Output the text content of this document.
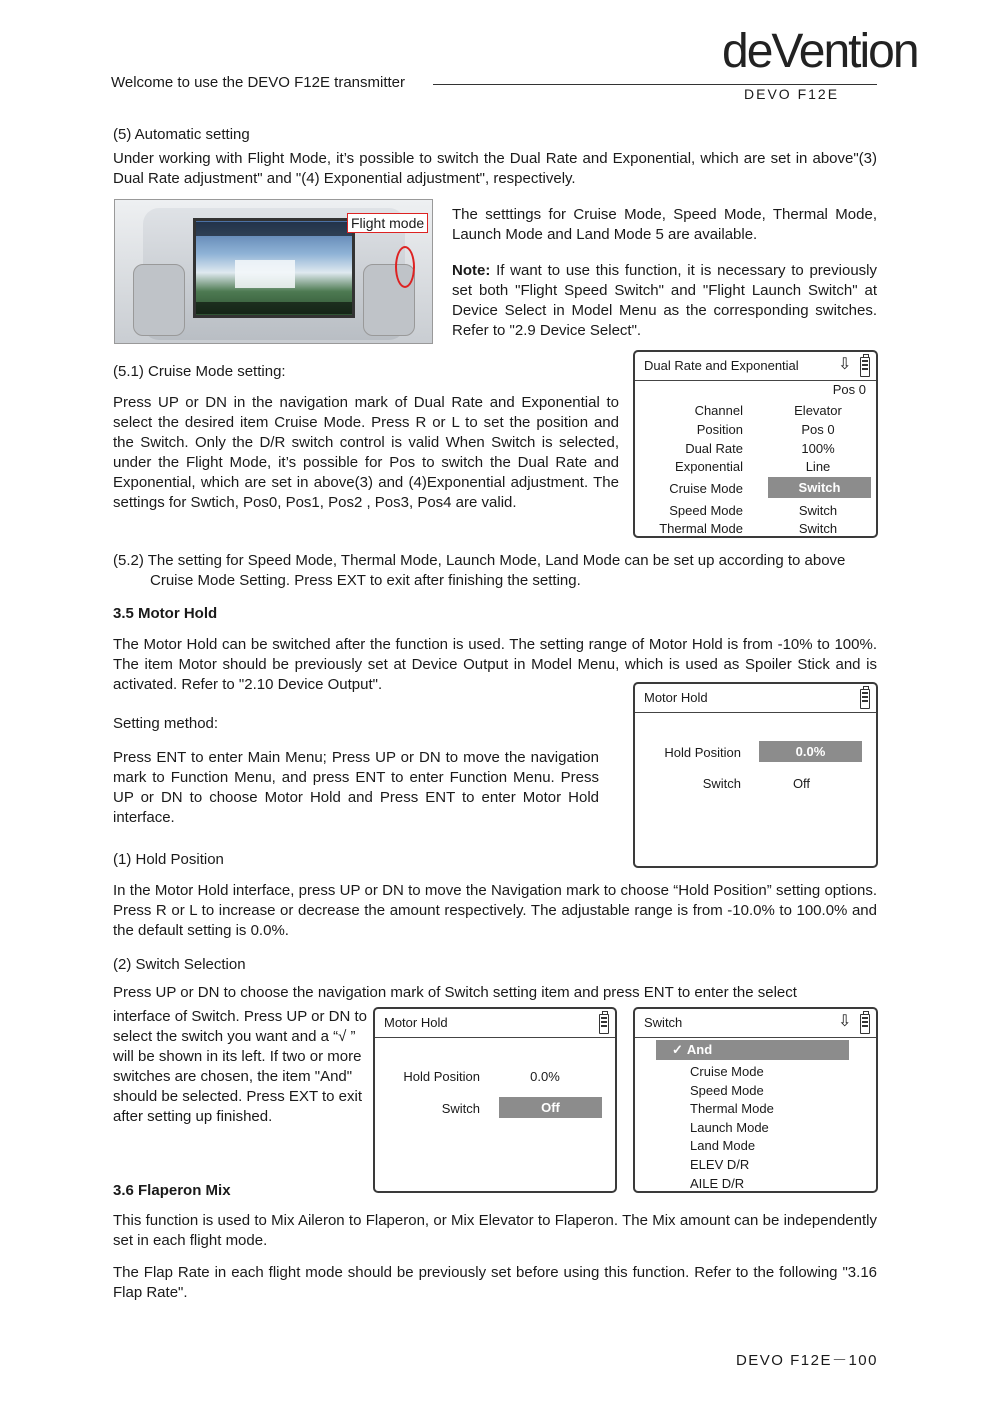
Welcome to use the DEVO F12E transmitter
deVention
DEVO F12E
(5) Automatic setting
Under working with Flight Mode, it’s possible to switch the Dual Rate and Exponential, which are set in above"(3) Dual Rate adjustment" and "(4) Exponential adjustment", respectively.
Flight mode The setttings for Cruise Mode, Speed Mode, Thermal Mode, Launch Mode and Land Mode 5 are available.
Note: If want to use this function, it is necessary to previously set both "Flight Speed Switch" and "Flight Launch Switch" at Device Select in Model Menu as the corresponding switches. Refer to "2.9 Device Select".
(5.1) Cruise Mode setting:
Press UP or DN in the navigation mark of Dual Rate and Exponential to select the desired item Cruise Mode. Press R or L to set the position and the Switch. Only the D/R switch control is valid When Switch is selected, under the Flight Mode, it’s possible for Pos to switch the Dual Rate and Exponential, which are set in above(3) and (4)Exponential adjustment. The settings for Swtich, Pos0, Pos1, Pos2 , Pos3, Pos4 are valid.
Dual Rate and Exponential ⇩
Pos 0
Channel	Elevator
Position	Pos 0
Dual Rate	100%
Exponential	Line
Cruise Mode	Switch
Speed Mode	Switch
Thermal Mode	Switch
(5.2) The setting for Speed Mode, Thermal Mode, Launch Mode, Land Mode can be set up according to above
Cruise Mode Setting. Press EXT to exit after finishing the setting.
3.5 Motor Hold
The Motor Hold can be switched after the function is used. The setting range of Motor Hold is from -10% to 100%. The item Motor should be previously set at Device Output in Model Menu, which is used as Spoiler Stick and is activated. Refer to "2.10 Device Output".
Setting method:
Press ENT to enter Main Menu; Press UP or DN to move the navigation mark to Function Menu, and press ENT to enter Function Menu. Press UP or DN to choose Motor Hold and Press ENT to enter Motor Hold interface.
Motor Hold
Hold Position	0.0%
Switch	Off
(1) Hold Position
In the Motor Hold interface, press UP or DN to move the Navigation mark to choose “Hold Position” setting options. Press R or L to increase or decrease the amount respectively. The adjustable range is from -10.0% to 100.0% and the default setting is 0.0%.
(2) Switch Selection
Press UP or DN to choose the navigation mark of Switch setting item and press ENT to enter the select
interface of Switch. Press UP or DN to select the switch you want and a “√ ” will be shown in its left. If two or more switches are chosen, the item "And" should be selected. Press EXT to exit after setting up finished.
Motor Hold
Hold Position	0.0%
Switch	Off
Switch	⇩
✓ And
Cruise Mode
Speed Mode
Thermal Mode
Launch Mode
Land Mode
ELEV D/R
AILE D/R
3.6 Flaperon Mix
This function is used to Mix Aileron to Flaperon, or Mix Elevator to Flaperon. The Mix amount can be independently set in each flight mode.
The Flap Rate in each flight mode should be previously set before using this function. Refer to the following "3.16 Flap Rate".
DEVO F12E－100
